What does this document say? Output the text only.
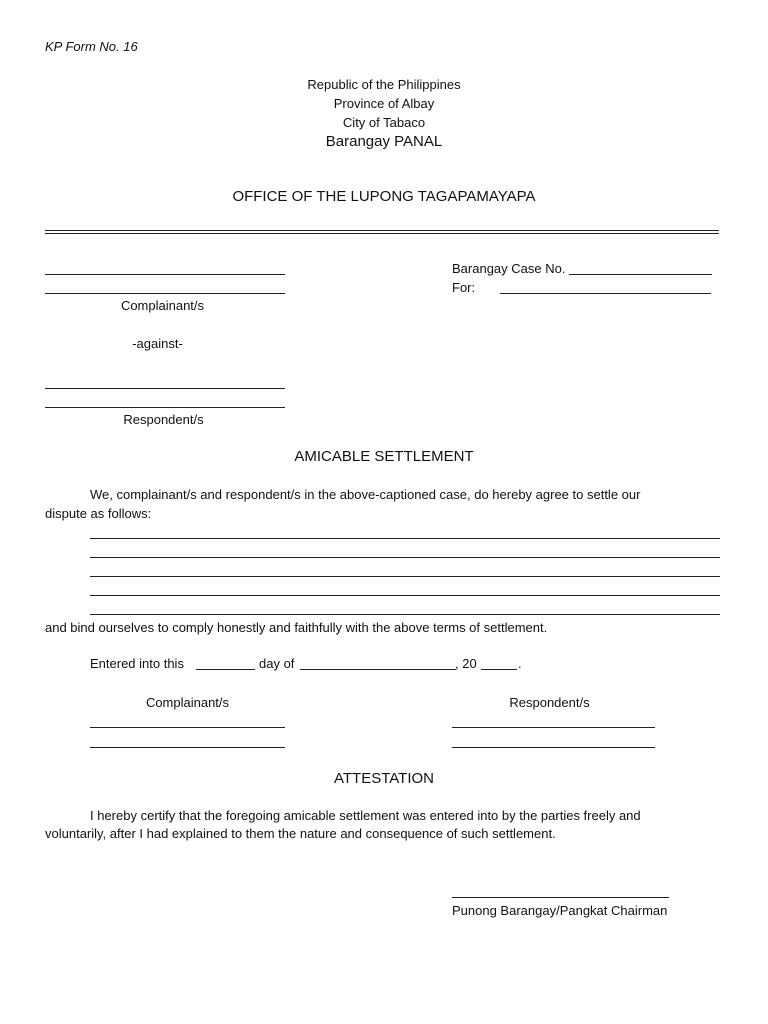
KP Form No. 16
Republic of the Philippines
Province of Albay
City of Tabaco
Barangay PANAL
OFFICE OF THE LUPONG TAGAPAMAYAPA
Complainant/s
-against-
Respondent/s
Barangay Case No.
For:
AMICABLE SETTLEMENT
We, complainant/s and respondent/s in the above-captioned case, do hereby agree to settle our
dispute as follows:
and bind ourselves to comply honestly and faithfully with the above terms of settlement.
Entered into this	day of	, 20	.
Complainant/s	Respondent/s
ATTESTATION
I hereby certify that the foregoing amicable settlement was entered into by the parties freely and
voluntarily, after I had explained to them the nature and consequence of such settlement.
Punong Barangay/Pangkat Chairman
